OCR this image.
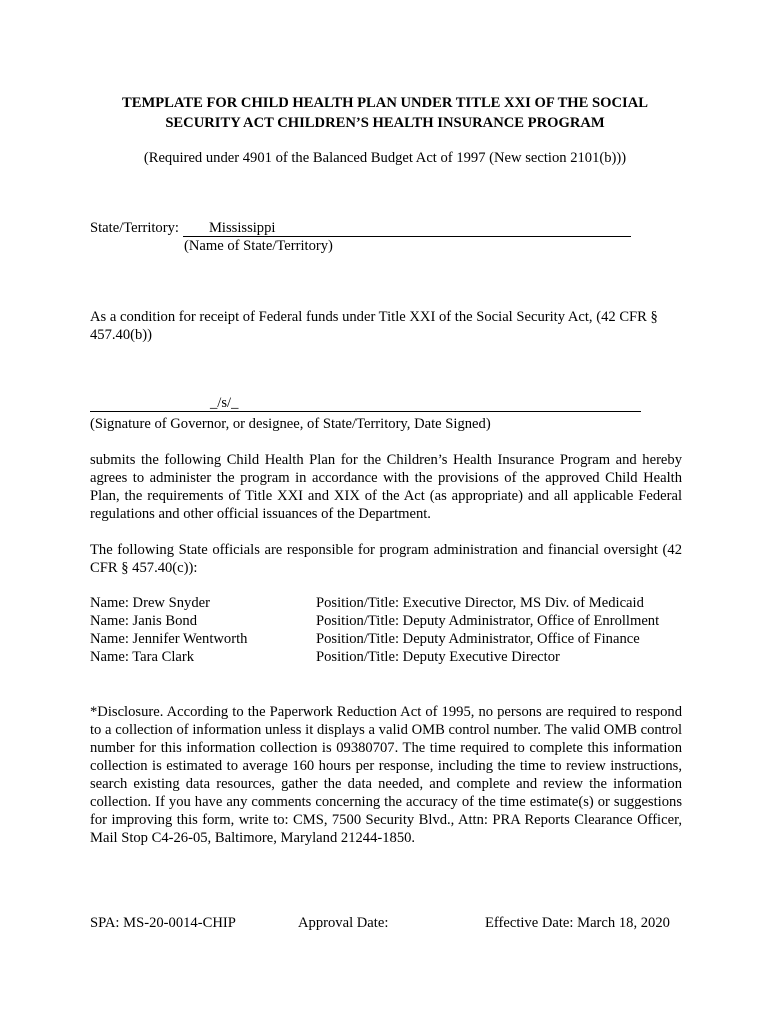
TEMPLATE FOR CHILD HEALTH PLAN UNDER TITLE XXI OF THE SOCIAL
SECURITY ACT CHILDREN’S HEALTH INSURANCE PROGRAM
(Required under 4901 of the Balanced Budget Act of 1997 (New section 2101(b)))
State/Territory: Mississippi
(Name of State/Territory)
As a condition for receipt of Federal funds under Title XXI of the Social Security Act, (42 CFR § 457.40(b))
_/s/_
(Signature of Governor, or designee, of State/Territory, Date Signed)
submits the following Child Health Plan for the Children’s Health Insurance Program and hereby agrees to administer the program in accordance with the provisions of the approved Child Health Plan, the requirements of Title XXI and XIX of the Act (as appropriate) and all applicable Federal regulations and other official issuances of the Department.
The following State officials are responsible for program administration and financial oversight (42 CFR § 457.40(c)):
Name: Drew Snyder	Position/Title: Executive Director, MS Div. of Medicaid
Name: Janis Bond	Position/Title: Deputy Administrator, Office of Enrollment
Name: Jennifer Wentworth	Position/Title: Deputy Administrator, Office of Finance
Name: Tara Clark	Position/Title: Deputy Executive Director
*Disclosure. According to the Paperwork Reduction Act of 1995, no persons are required to respond to a collection of information unless it displays a valid OMB control number. The valid OMB control number for this information collection is 09380707. The time required to complete this information collection is estimated to average 160 hours per response, including the time to review instructions, search existing data resources, gather the data needed, and complete and review the information collection. If you have any comments concerning the accuracy of the time estimate(s) or suggestions for improving this form, write to: CMS, 7500 Security Blvd., Attn: PRA Reports Clearance Officer, Mail Stop C4-26-05, Baltimore, Maryland 21244-1850.
SPA: MS-20-0014-CHIP	Approval Date:	Effective Date: March 18, 2020
